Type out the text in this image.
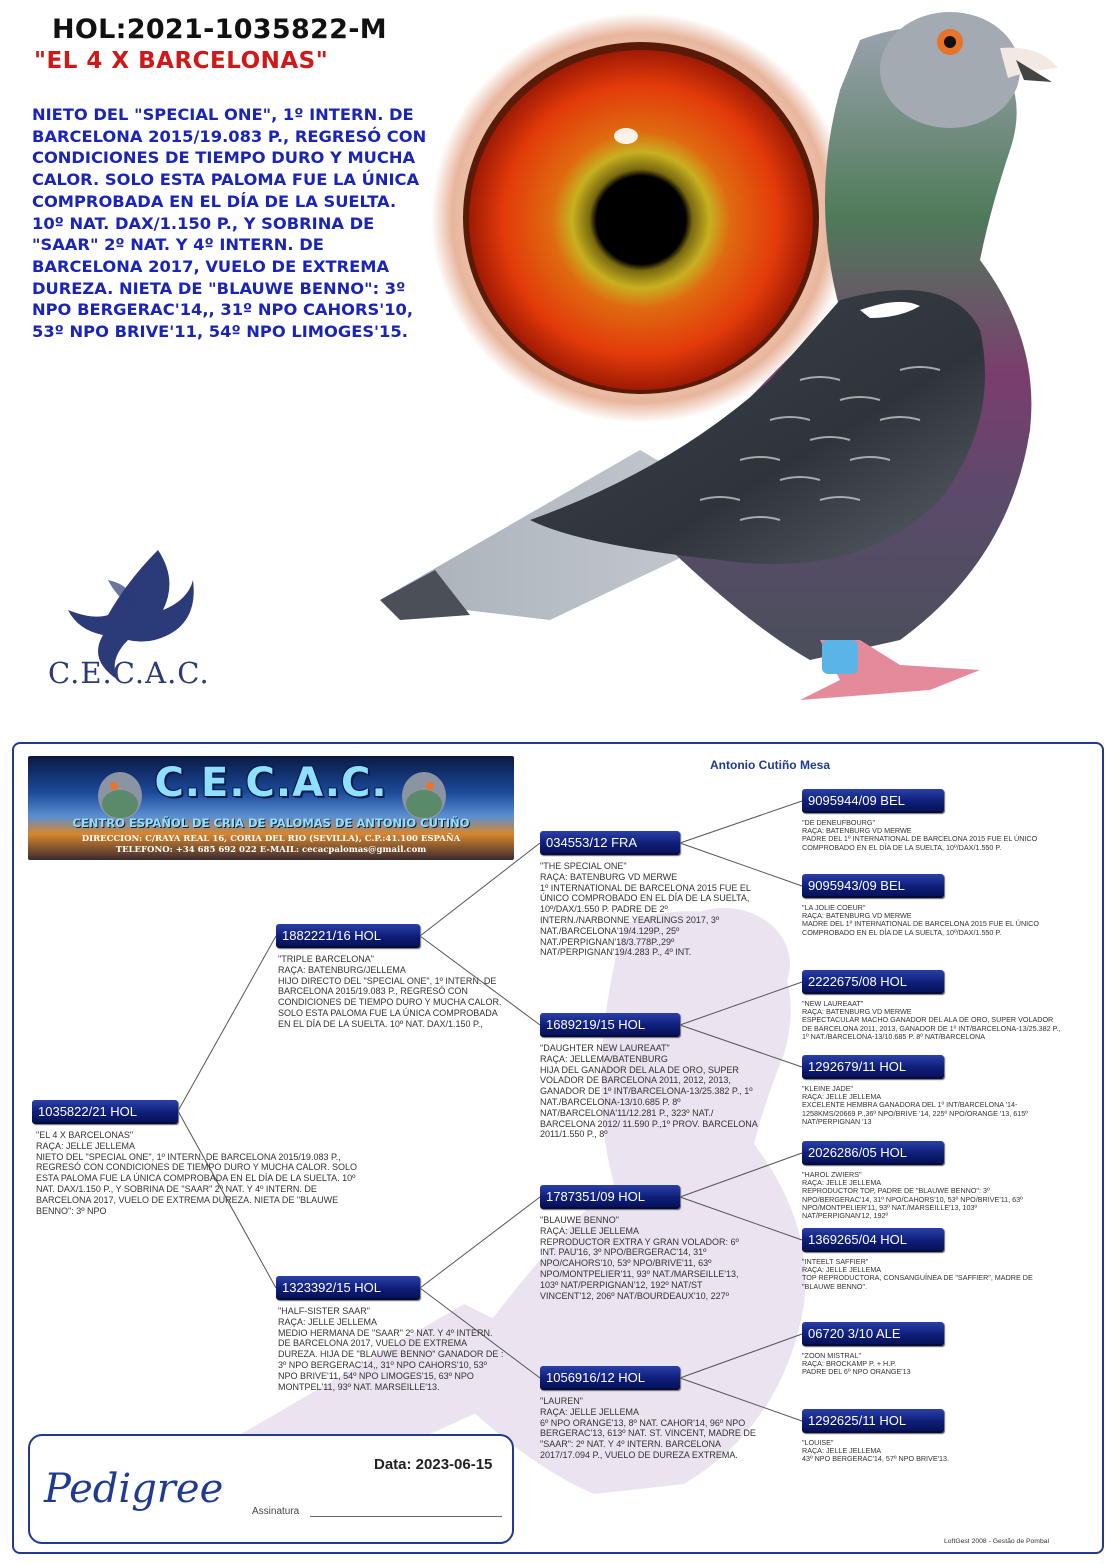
HOL:2021-1035822-M
"EL 4 X BARCELONAS"
NIETO DEL "SPECIAL ONE", 1º INTERN. DE BARCELONA 2015/19.083 P., REGRESÓ CON CONDICIONES DE TIEMPO DURO Y MUCHA CALOR. SOLO ESTA PALOMA FUE LA ÚNICA COMPROBADA EN EL DÍA DE LA SUELTA. 10º NAT. DAX/1.150 P., Y SOBRINA DE "SAAR" 2º NAT. Y 4º INTERN. DE BARCELONA 2017, VUELO DE EXTREMA DUREZA. NIETA DE "BLAUWE BENNO": 3º NPO BERGERAC'14,, 31º NPO CAHORS'10, 53º NPO BRIVE'11, 54º NPO LIMOGES'15.
C.E.C.A.C.
Antonio Cutiño Mesa
C.E.C.A.C.
CENTRO ESPAÑOL DE CRIA DE PALOMAS DE ANTONIO CUTIÑO
DIRECCION: C/RAYA REAL 16, CORIA DEL RIO (SEVILLA), C.P.:41.100 ESPAÑA
TELEFONO: +34 685 692 022 E-MAIL: cecacpalomas@gmail.com
1035822/21 HOL
"EL 4 X BARCELONAS"
RAÇA: JELLE JELLEMA
NIETO DEL "SPECIAL ONE", 1º INTERN. DE BARCELONA 2015/19.083 P., REGRESÓ CON CONDICIONES DE TIEMPO DURO Y MUCHA CALOR. SOLO ESTA PALOMA FUE LA ÚNICA COMPROBADA EN EL DÍA DE LA SUELTA. 10º NAT. DAX/1.150 P., Y SOBRINA DE "SAAR" 2º NAT. Y 4º INTERN. DE BARCELONA 2017, VUELO DE EXTREMA DUREZA. NIETA DE "BLAUWE BENNO": 3º NPO
1882221/16 HOL
"TRIPLE BARCELONA"
RAÇA: BATENBURG/JELLEMA
HIJO DIRECTO DEL "SPECIAL ONE", 1º INTERN. DE BARCELONA 2015/19.083 P., REGRESÓ CON CONDICIONES DE TIEMPO DURO Y MUCHA CALOR. SOLO ESTA PALOMA FUE LA ÚNICA COMPROBADA EN EL DÍA DE LA SUELTA. 10º NAT. DAX/1.150 P.,
1323392/15 HOL
"HALF-SISTER SAAR"
RAÇA: JELLE JELLEMA
MEDIO HERMANA DE "SAAR" 2º NAT. Y 4º INTERN. DE BARCELONA 2017, VUELO DE EXTREMA DUREZA. HIJA DE "BLAUWE BENNO" GANADOR DE : 3º NPO BERGERAC'14,, 31º NPO CAHORS'10, 53º NPO BRIVE'11, 54º NPO LIMOGES'15, 63º NPO MONTPEL'11, 93º NAT. MARSEILLE'13.
034553/12 FRA
"THE SPECIAL ONE"
RAÇA: BATENBURG VD MERWE
1º INTERNATIONAL DE BARCELONA 2015 FUE EL ÚNICO COMPROBADO EN EL DÍA DE LA SUELTA, 10º/DAX/1.550 P. PADRE DE 2º INTERN./NARBONNE YEARLINGS 2017, 3º NAT./BARCELONA'19/4.129P., 25º NAT./PERPIGNAN'18/3.778P.,29º NAT/PERPIGNAN'19/4.283 P., 4º INT.
1689219/15 HOL
"DAUGHTER NEW LAUREAAT"
RAÇA: JELLEMA/BATENBURG
HIJA DEL GANADOR DEL ALA DE ORO, SUPER VOLADOR DE BARCELONA 2011, 2012, 2013, GANADOR DE 1º INT/BARCELONA-13/25.382 P., 1º NAT./BARCELONA-13/10.685 P. 8º NAT/BARCELONA'11/12.281 P., 323º NAT./ BARCELONA 2012/ 11.590 P.,1º PROV. BARCELONA 2011/1.550 P., 8º
1787351/09 HOL
"BLAUWE BENNO"
RAÇA: JELLE JELLEMA
REPRODUCTOR EXTRA Y GRAN VOLADOR: 6º INT. PAU'16, 3º NPO/BERGERAC'14, 31º NPO/CAHORS'10, 53º NPO/BRIVE'11, 63º NPO/MONTPELIER'11, 93º NAT./MARSEILLE'13, 103º NAT/PERPIGNAN'12, 192º NAT/ST VINCENT'12, 206º NAT/BOURDEAUX'10, 227º
1056916/12 HOL
"LAUREN"
RAÇA: JELLE JELLEMA
6º NPO ORANGE'13, 8º NAT. CAHOR'14, 96º NPO BERGERAC'13, 613º NAT. ST. VINCENT, MADRE DE "SAAR": 2º NAT. Y 4º INTERN. BARCELONA 2017/17.094 P., VUELO DE DUREZA EXTREMA.
9095944/09 BEL
"DE DENEUFBOURG"
RAÇA: BATENBURG VD MERWE
PADRE DEL 1º INTERNATIONAL DE BARCELONA 2015 FUE EL ÚNICO COMPROBADO EN EL DÍA DE LA SUELTA, 10º/DAX/1.550 P.
9095943/09 BEL
"LA JOLIE COEUR"
RAÇA: BATENBURG VD MERWE
MADRE DEL 1º INTERNATIONAL DE BARCELONA 2015 FUE EL ÚNICO COMPROBADO EN EL DÍA DE LA SUELTA, 10º/DAX/1.550 P.
2222675/08 HOL
"NEW LAUREAAT"
RAÇA: BATENBURG VD MERWE
ESPECTACULAR MACHO GANADOR DEL ALA DE ORO, SUPER VOLADOR DE BARCELONA 2011, 2013, GANADOR DE 1º INT/BARCELONA-13/25.382 P., 1º NAT./BARCELONA-13/10.685 P. 8º NAT/BARCELONA
1292679/11 HOL
"KLEINE JADE"
RAÇA: JELLE JELLEMA
EXCELENTE HEMBRA GANADORA DEL 1º INT/BARCELONA '14-1258KMS/20669 P.,36º NPO/BRIVE '14, 225º NPO/ORANGE '13, 615º NAT/PERPIGNAN '13
2026286/05 HOL
"HAROL ZWIERS"
RAÇA: JELLE JELLEMA
REPRODUCTOR TOP, PADRE DE "BLAUWE BENNO": 3º NPO/BERGERAC'14, 31º NPO/CAHORS'10, 53º NPO/BRIVE'11, 63º NPO/MONTPELIER'11, 93º NAT./MARSEILLE'13, 103º NAT/PERPIGNAN'12, 192º
1369265/04 HOL
"INTEELT SAFFIER"
RAÇA: JELLE JELLEMA
TOP REPRODUCTORA, CONSANGUÍNEA DE "SAFFIER", MADRE DE "BLAUWE BENNO".
06720 3/10 ALE
"ZOON MISTRAL"
RAÇA: BROCKAMP P. + H.P.
PADRE DEL 6º NPO ORANGE'13
1292625/11 HOL
"LOUISE"
RAÇA: JELLE JELLEMA
43º NPO BERGERAC'14, 57º NPO BRIVE'13.
Pedigree
Data: 2023-06-15
Assinatura
LoftGest 2008 - Gestão de Pombal
